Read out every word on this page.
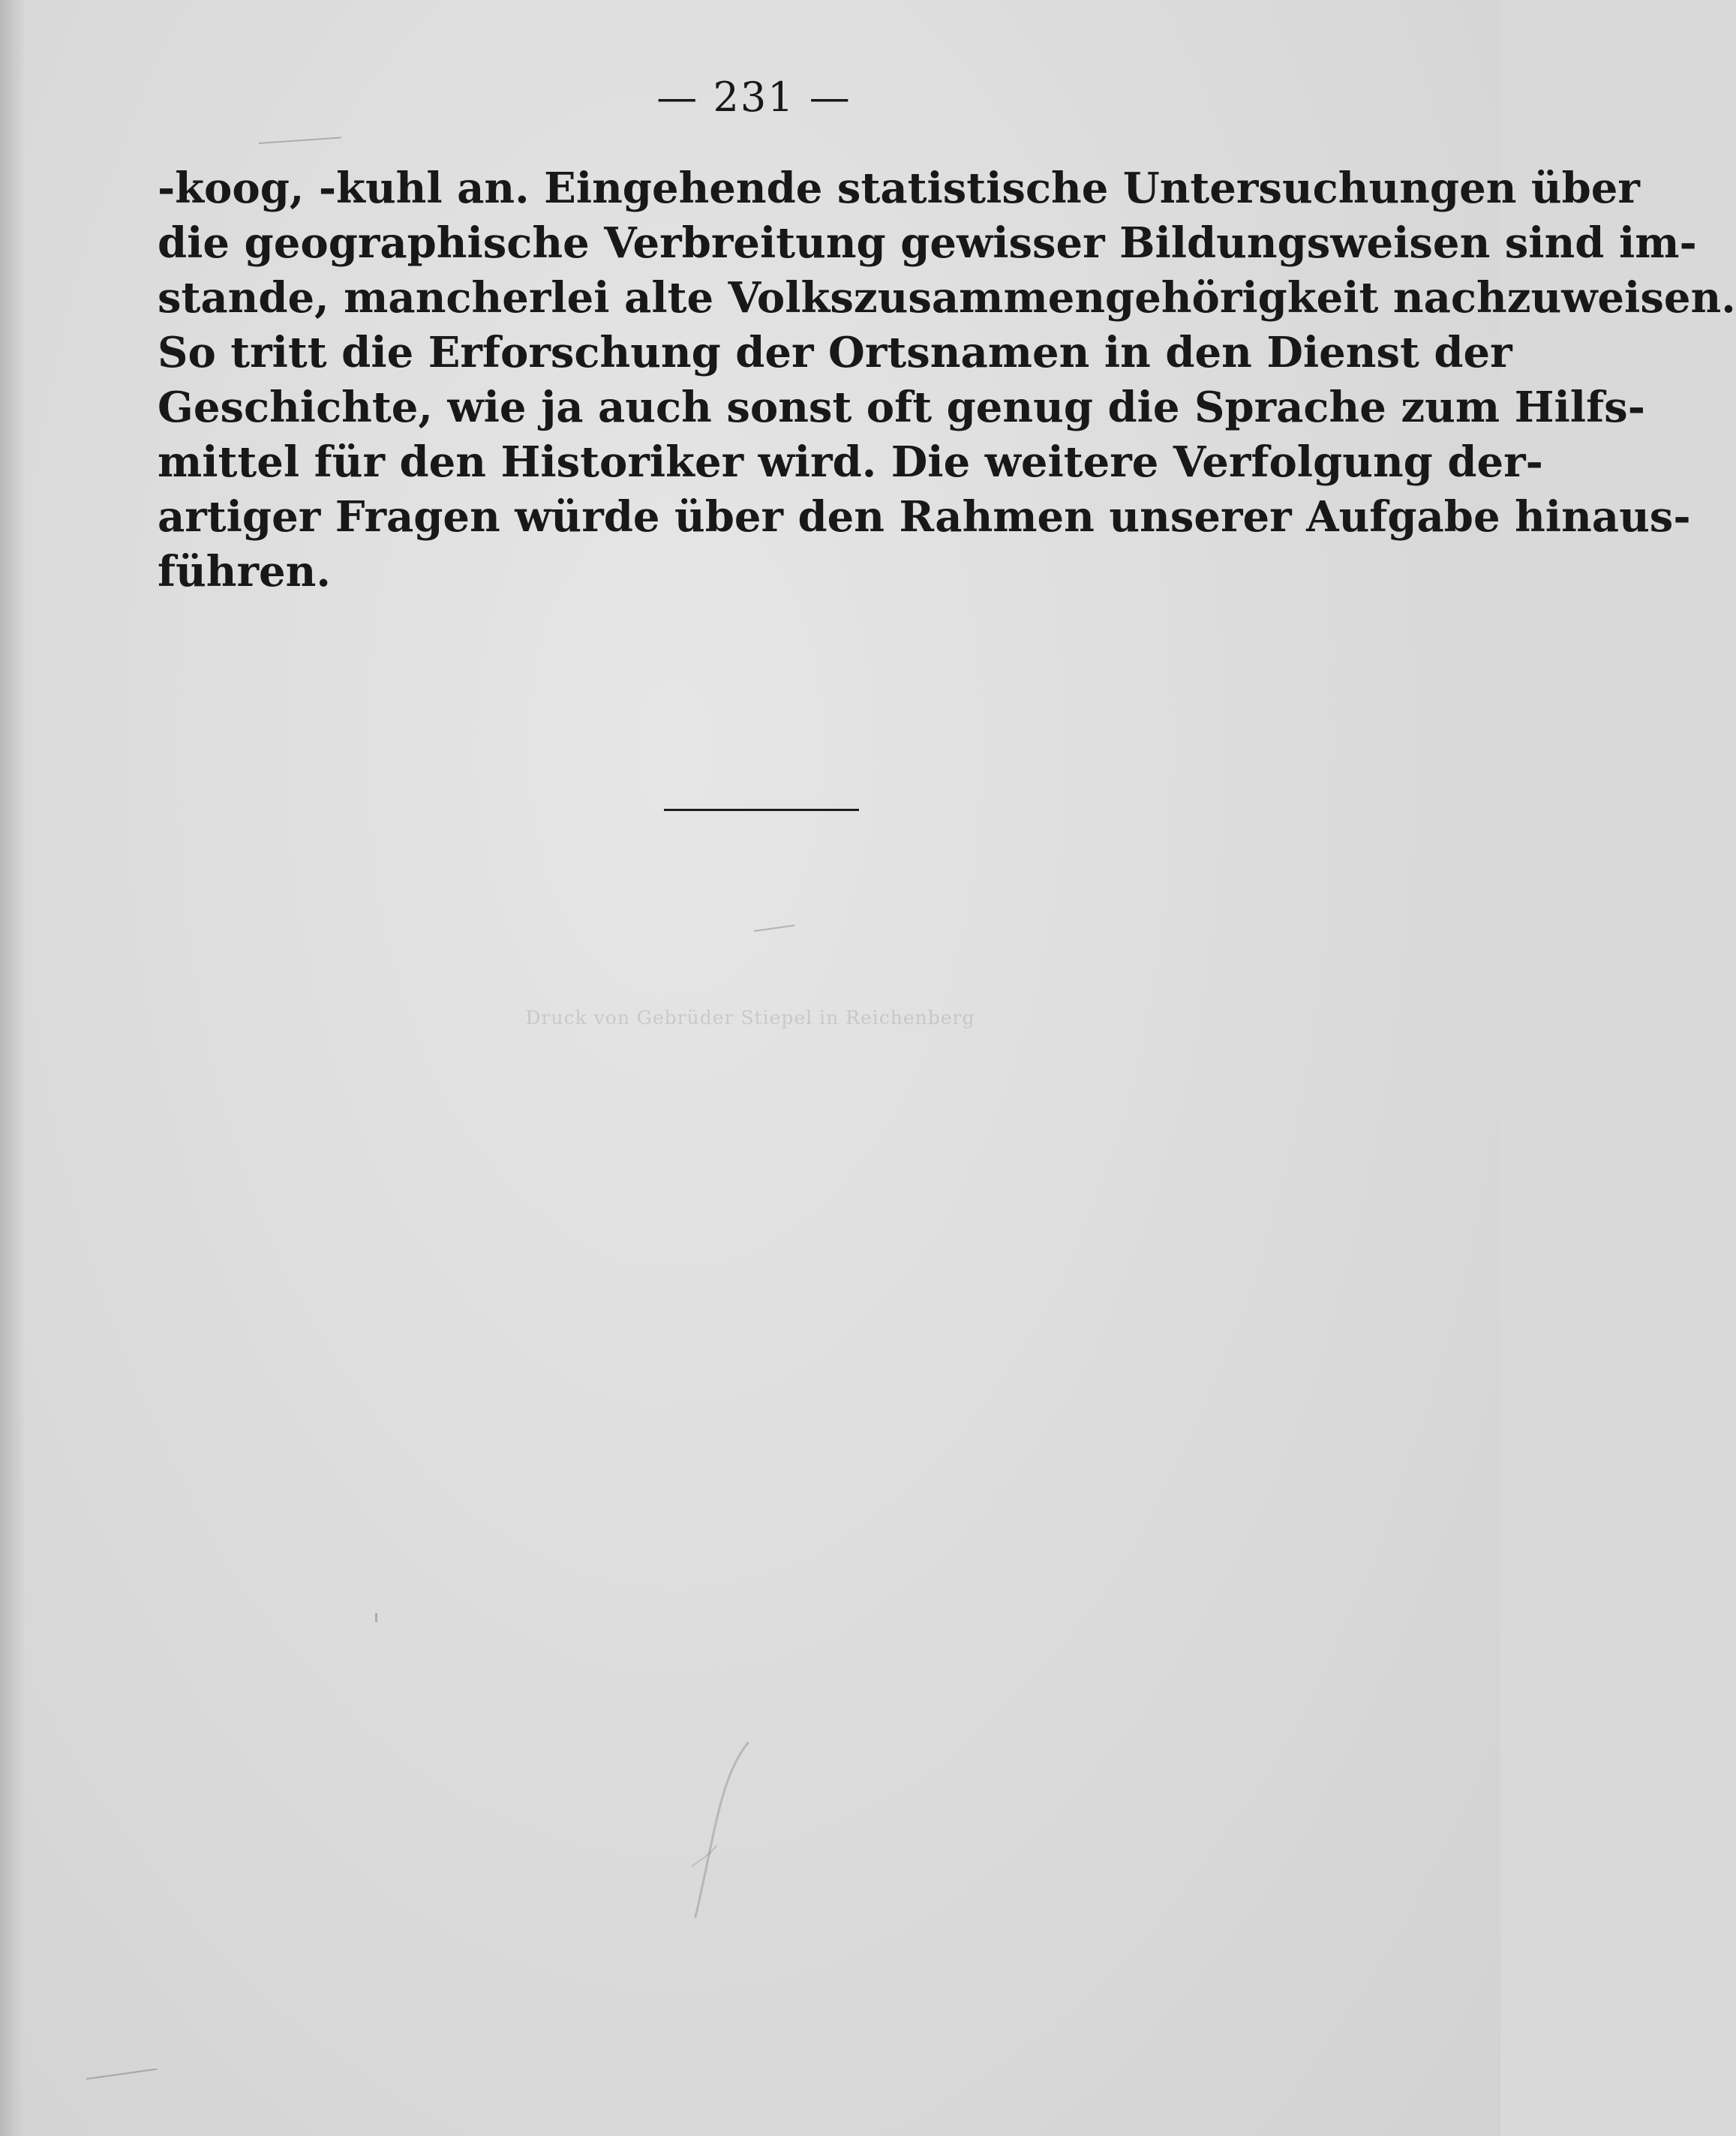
— 231 —

-koog, -kuhl an. Eingehende statistische Untersuchungen über
die geographische Verbreitung gewisser Bildungsweisen sind im-
stande, mancherlei alte Volkszusammengehörigkeit nachzuweisen.
So tritt die Erforschung der Ortsnamen in den Dienst der
Geschichte, wie ja auch sonst oft genug die Sprache zum Hilfs-
mittel für den Historiker wird. Die weitere Verfolgung der-
artiger Fragen würde über den Rahmen unserer Aufgabe hinaus-
führen.

Druck von Gebrüder Stiepel in Reichenberg
